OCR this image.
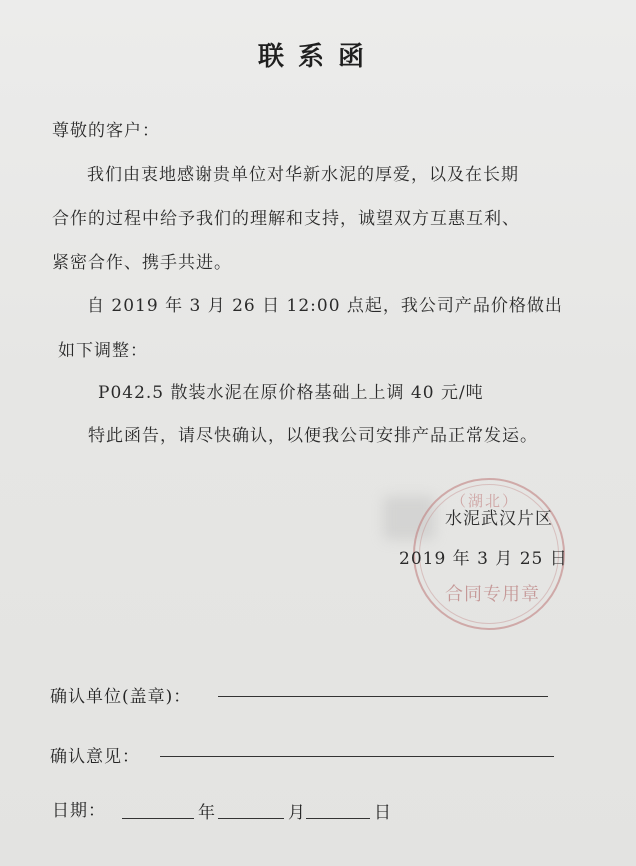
联系函
尊敬的客户：
我们由衷地感谢贵单位对华新水泥的厚爱，以及在长期
合作的过程中给予我们的理解和支持，诚望双方互惠互利、
紧密合作、携手共进。
自 2019 年 3 月 26 日 12:00 点起，我公司产品价格做出
如下调整：
P042.5 散装水泥在原价格基础上上调 40 元/吨
特此函告，请尽快确认，以便我公司安排产品正常发运。
（湖北）
合同专用章
水泥武汉片区
2019 年 3 月 25 日
确认单位(盖章)：
确认意见：
日期：	年	月	日
